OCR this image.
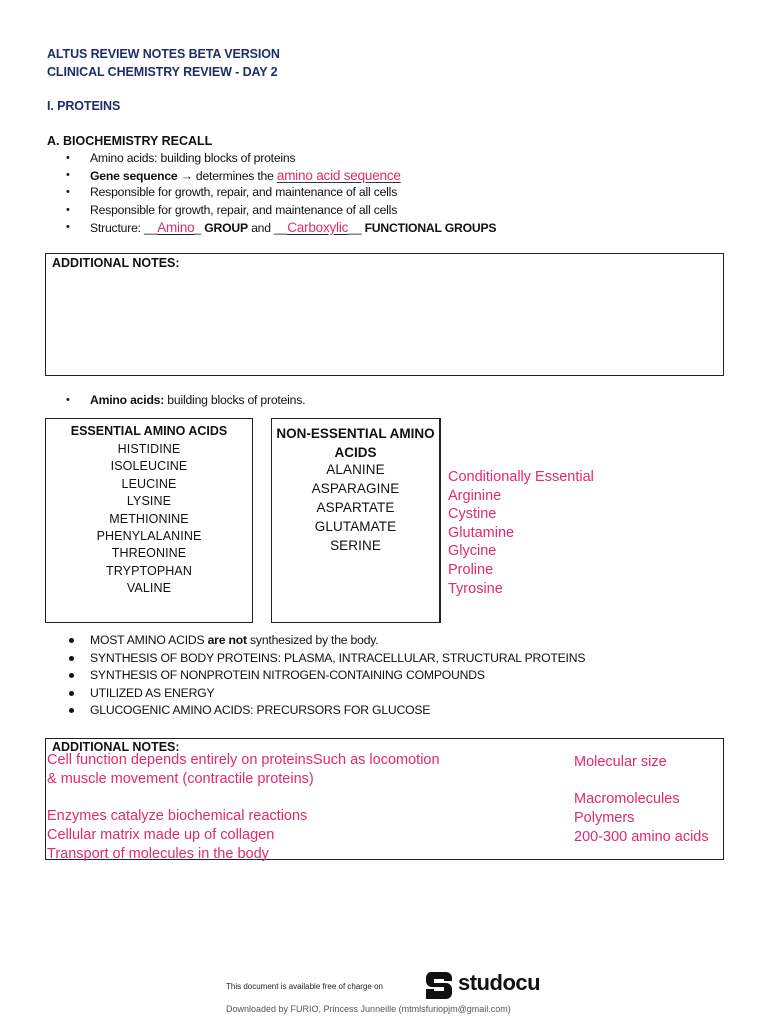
ALTUS REVIEW NOTES BETA VERSION
CLINICAL CHEMISTRY REVIEW - DAY 2
I. PROTEINS
A. BIOCHEMISTRY RECALL
• Amino acids: building blocks of proteins
• Gene sequence → determines the amino acid sequence
• Responsible for growth, repair, and maintenance of all cells
• Responsible for growth, repair, and maintenance of all cells
• Structure: __Amino_ GROUP and __Carboxylic__ FUNCTIONAL GROUPS
ADDITIONAL NOTES:
• Amino acids: building blocks of proteins.
ESSENTIAL AMINO ACIDS
HISTIDINE
ISOLEUCINE
LEUCINE
LYSINE
METHIONINE
PHENYLALANINE
THREONINE
TRYPTOPHAN
VALINE
NON-ESSENTIAL AMINO
ACIDS
ALANINE
ASPARAGINE
ASPARTATE
GLUTAMATE
SERINE
Conditionally Essential
Arginine
Cystine
Glutamine
Glycine
Proline
Tyrosine
MOST AMINO ACIDS are not synthesized by the body.
SYNTHESIS OF BODY PROTEINS: PLASMA, INTRACELLULAR, STRUCTURAL PROTEINS
SYNTHESIS OF NONPROTEIN NITROGEN-CONTAINING COMPOUNDS
UTILIZED AS ENERGY
GLUCOGENIC AMINO ACIDS: PRECURSORS FOR GLUCOSE
ADDITIONAL NOTES:
Cell function depends entirely on proteinsSuch as locomotion
& muscle movement (contractile proteins)

Enzymes catalyze biochemical reactions
Cellular matrix made up of collagen
Transport of molecules in the body
Molecular size
Macromolecules
Polymers
200-300 amino acids
This document is available free of charge on	studocu
Downloaded by FURIO, Princess Junneille (mtmlsfuriopjm@gmail.com)
